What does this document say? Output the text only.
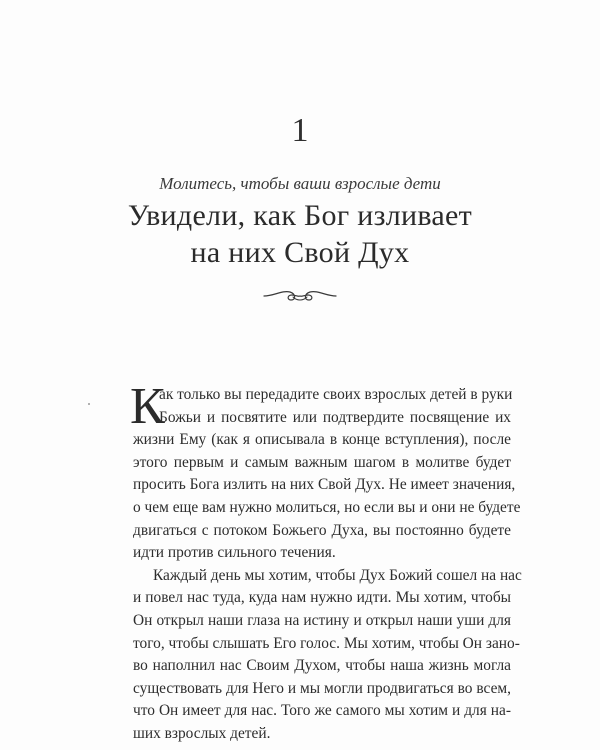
1
Молитесь, чтобы ваши взрослые дети
Увидели, как Бог изливает
на них Свой Дух
К

ак только вы передадите своих взрослых детей в руки
Божьи и посвятите или подтвердите посвящение их
жизни Ему (как я описывала в конце вступления), после
этого первым и самым важным шагом в молитве будет
просить Бога излить на них Свой Дух. Не имеет значения,
о чем еще вам нужно молиться, но если вы и они не будете
двигаться с потоком Божьего Духа, вы постоянно будете
идти против сильного течения.

Каждый день мы хотим, чтобы Дух Божий сошел на нас
и повел нас туда, куда нам нужно идти. Мы хотим, чтобы
Он открыл наши глаза на истину и открыл наши уши для
того, чтобы слышать Его голос. Мы хотим, чтобы Он зано-
во наполнил нас Своим Духом, чтобы наша жизнь могла
существовать для Него и мы могли продвигаться во всем,
что Он имеет для нас. Того же самого мы хотим и для на-
ших взрослых детей.
